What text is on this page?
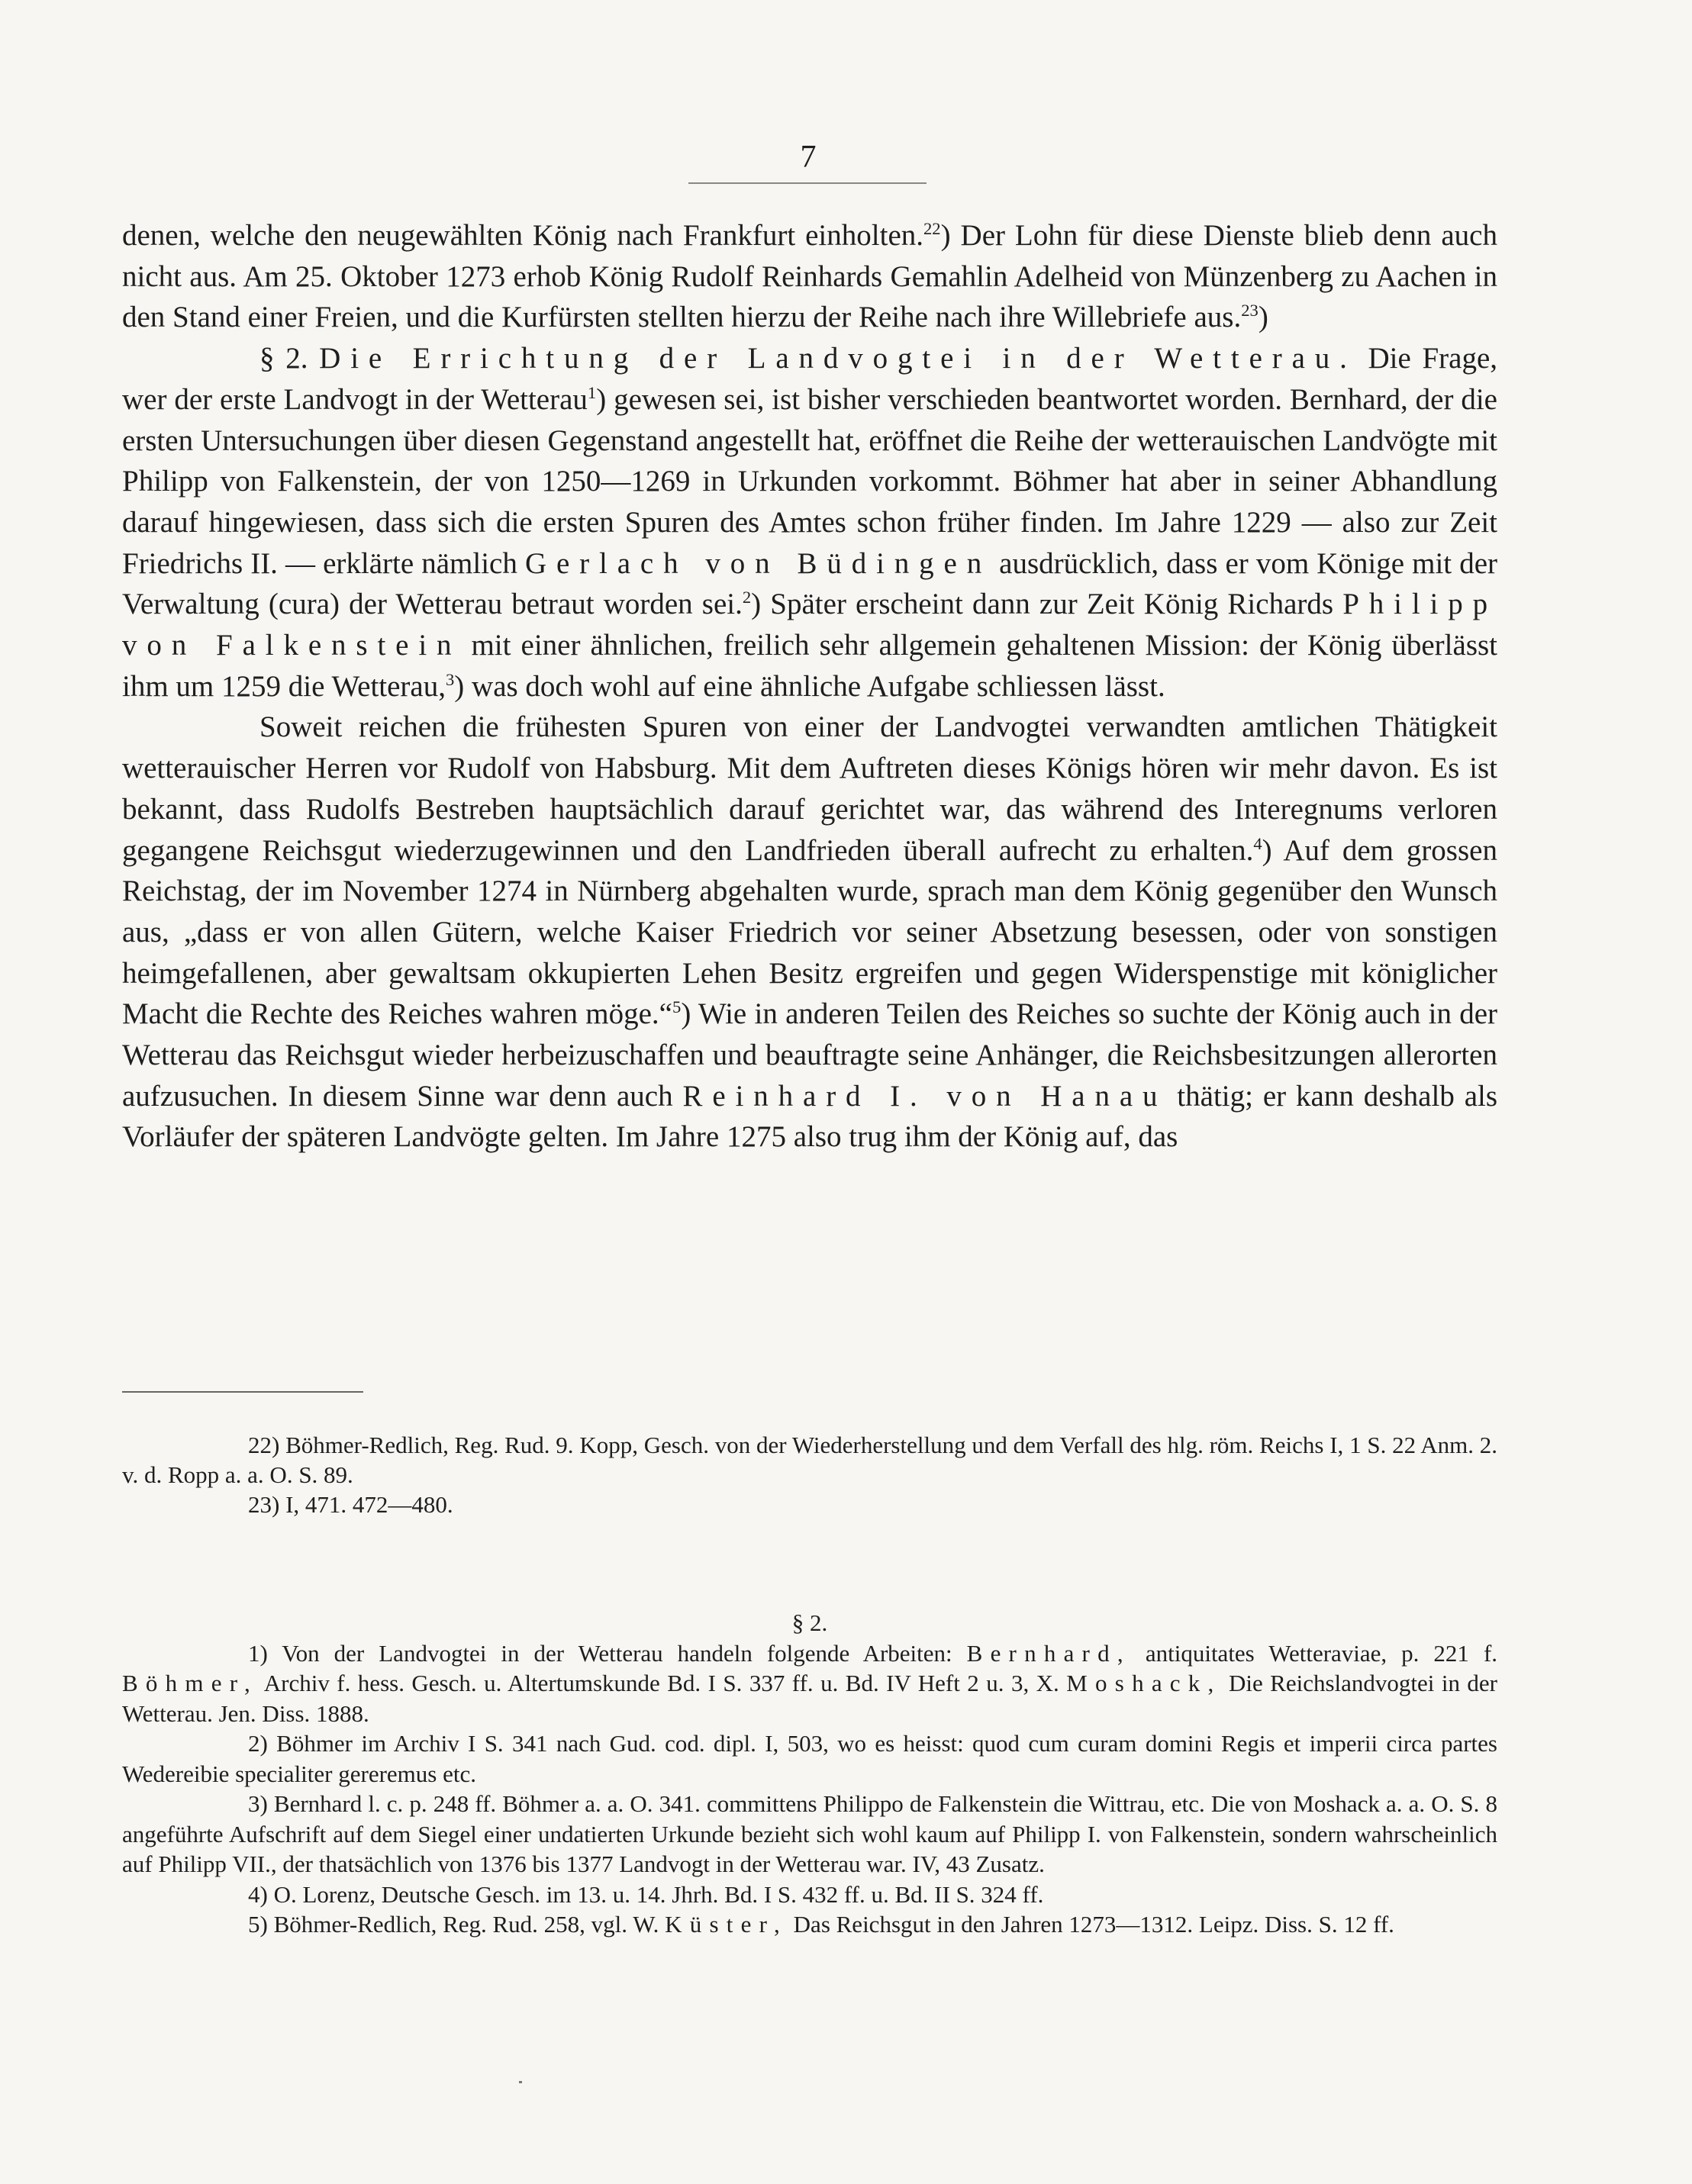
7

denen, welche den neugewählten König nach Frankfurt einholten.$^{22}$) Der Lohn für diese Dienste blieb denn auch nicht aus. Am 25. Oktober 1273 erhob König Rudolf Reinhards Gemahlin Adelheid von Münzenberg zu Aachen in den Stand einer Freien, und die Kurfürsten stellten hierzu der Reihe nach ihre Willebriefe aus.$^{23}$)

§ 2. Die Errichtung der Landvogtei in der Wetterau. Die Frage, wer der erste Landvogt in der Wetterau$^1$) gewesen sei, ist bisher verschieden beantwortet worden. Bernhard, der die ersten Untersuchungen über diesen Gegenstand angestellt hat, eröffnet die Reihe der wetterauischen Landvögte mit Philipp von Falkenstein, der von 1250—1269 in Urkunden vorkommt. Böhmer hat aber in seiner Abhandlung darauf hingewiesen, dass sich die ersten Spuren des Amtes schon früher finden. Im Jahre 1229 — also zur Zeit Friedrichs II. — erklärte nämlich Gerlach von Büdingen ausdrücklich, dass er vom Könige mit der Verwaltung (cura) der Wetterau betraut worden sei.$^2$) Später erscheint dann zur Zeit König Richards Philipp von Falkenstein mit einer ähnlichen, freilich sehr allgemein gehaltenen Mission: der König überlässt ihm um 1259 die Wetterau,$^3$) was doch wohl auf eine ähnliche Aufgabe schliessen lässt.

Soweit reichen die frühesten Spuren von einer der Landvogtei verwandten amtlichen Thätigkeit wetterauischer Herren vor Rudolf von Habsburg. Mit dem Auftreten dieses Königs hören wir mehr davon. Es ist bekannt, dass Rudolfs Bestreben hauptsächlich darauf gerichtet war, das während des Interegnums verloren gegangene Reichsgut wiederzugewinnen und den Landfrieden überall aufrecht zu erhalten.$^4$) Auf dem grossen Reichstag, der im November 1274 in Nürnberg abgehalten wurde, sprach man dem König gegenüber den Wunsch aus, „dass er von allen Gütern, welche Kaiser Friedrich vor seiner Absetzung besessen, oder von sonstigen heimgefallenen, aber gewaltsam okkupierten Lehen Besitz ergreifen und gegen Widerspenstige mit königlicher Macht die Rechte des Reiches wahren möge.“$^5$) Wie in anderen Teilen des Reiches so suchte der König auch in der Wetterau das Reichsgut wieder herbeizuschaffen und beauftragte seine Anhänger, die Reichsbesitzungen allerorten aufzusuchen. In diesem Sinne war denn auch Reinhard I. von Hanau thätig; er kann deshalb als Vorläufer der späteren Landvögte gelten. Im Jahre 1275 also trug ihm der König auf, das

22) Böhmer-Redlich, Reg. Rud. 9. Kopp, Gesch. von der Wiederherstellung und dem Verfall des hlg. röm. Reichs I, 1 S. 22 Anm. 2. v. d. Ropp a. a. O. S. 89.

23) I, 471. 472—480.

§ 2.

1) Von der Landvogtei in der Wetterau handeln folgende Arbeiten: Bernhard, antiquitates Wetteraviae, p. 221 f. Böhmer, Archiv f. hess. Gesch. u. Altertumskunde Bd. I S. 337 ff. u. Bd. IV Heft 2 u. 3, X. Moshack, Die Reichslandvogtei in der Wetterau. Jen. Diss. 1888.

2) Böhmer im Archiv I S. 341 nach Gud. cod. dipl. I, 503, wo es heisst: quod cum curam domini Regis et imperii circa partes Wedereibie specialiter gereremus etc.

3) Bernhard l. c. p. 248 ff. Böhmer a. a. O. 341. committens Philippo de Falkenstein die Wittrau, etc. Die von Moshack a. a. O. S. 8 angeführte Aufschrift auf dem Siegel einer undatierten Urkunde bezieht sich wohl kaum auf Philipp I. von Falkenstein, sondern wahrscheinlich auf Philipp VII., der thatsächlich von 1376 bis 1377 Landvogt in der Wetterau war. IV, 43 Zusatz.

4) O. Lorenz, Deutsche Gesch. im 13. u. 14. Jhrh. Bd. I S. 432 ff. u. Bd. II S. 324 ff.

5) Böhmer-Redlich, Reg. Rud. 258, vgl. W. Küster, Das Reichsgut in den Jahren 1273—1312. Leipz. Diss. S. 12 ff.
